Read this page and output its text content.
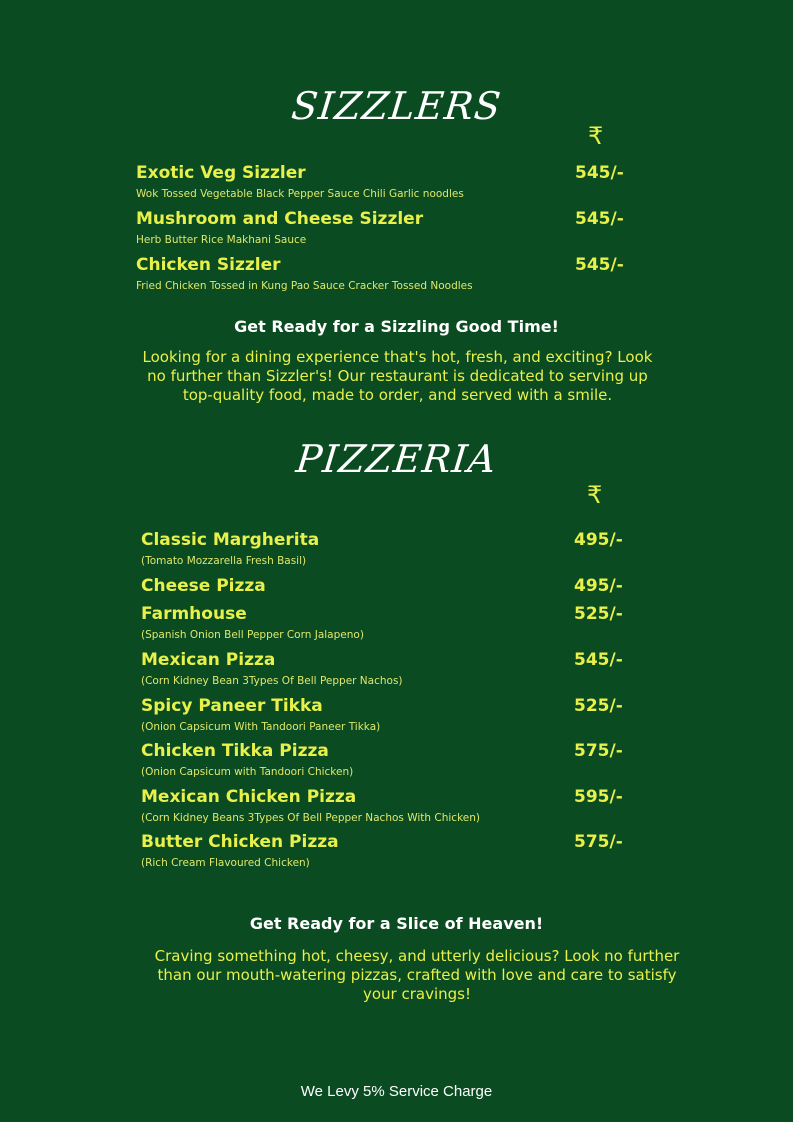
SIZZLERS
₹
Exotic Veg Sizzler
Wok Tossed Vegetable Black Pepper Sauce Chili Garlic noodles
545/-
Mushroom and Cheese Sizzler
Herb Butter Rice Makhani Sauce
545/-
Chicken Sizzler
Fried Chicken Tossed in Kung Pao Sauce Cracker Tossed Noodles
545/-
Get Ready for a Sizzling Good Time!

Looking for a dining experience that's hot, fresh, and exciting? Look no further than Sizzler's! Our restaurant is dedicated to serving up top-quality food, made to order, and served with a smile.

PIZZERIA
₹
Classic Margherita
(Tomato Mozzarella Fresh Basil)
495/-
Cheese Pizza	495/-
Farmhouse
(Spanish Onion Bell Pepper Corn Jalapeno)
525/-
Mexican Pizza
(Corn Kidney Bean 3Types Of Bell Pepper Nachos)
545/-
Spicy Paneer Tikka
(Onion Capsicum With Tandoori Paneer Tikka)
525/-
Chicken Tikka Pizza
(Onion Capsicum with Tandoori Chicken)
575/-
Mexican Chicken Pizza
(Corn Kidney Beans 3Types Of Bell Pepper Nachos With Chicken)
595/-
Butter Chicken Pizza
(Rich Cream Flavoured Chicken)
575/-
Get Ready for a Slice of Heaven!

Craving something hot, cheesy, and utterly delicious? Look no further than our mouth-watering pizzas, crafted with love and care to satisfy your cravings!

We Levy 5% Service Charge
